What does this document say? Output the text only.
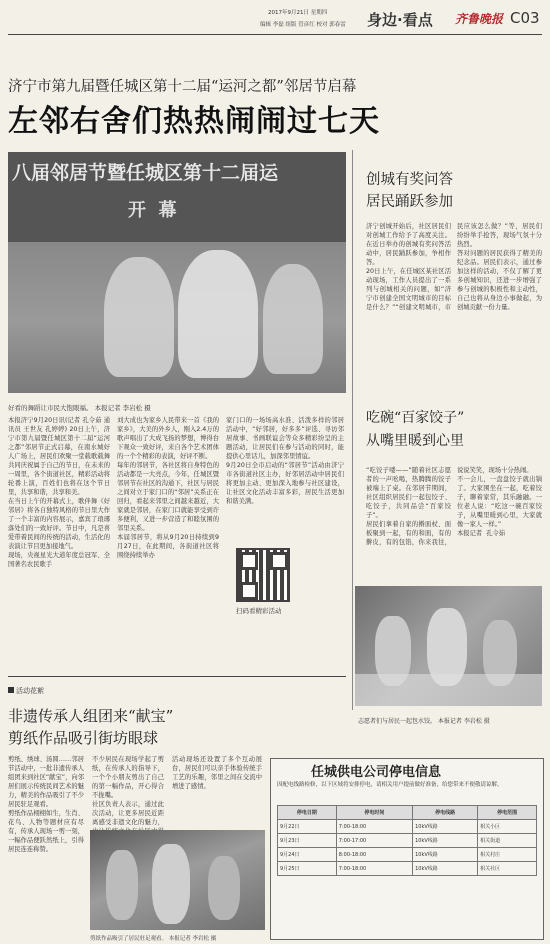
2017年9月21日 星期四
编辑 李磊 组版 管彦红 校对 郭春雷 身边·看点 齐鲁晚报 C03
济宁市第九届暨任城区第十二届“运河之都”邻居节启幕
左邻右舍们热热闹闹过七天
八届邻居节暨任城区第十二届运
开  幕
好看的舞蹈让市民大饱眼福。 本报记者 李岩松 摄
本报济宁9月20日讯(记者 孔令茹 通讯员 王世友 孔婷婷) 20日上午，济宁市第九届暨任城区第十二届“运河之都”邻居节正式启幕，在南水城好人广场上，居民们欢聚一堂载歌载舞共同庆祝属于自己的节日，在未来的一周里，各个街道社区，精彩活动将轮番上演，百姓们也将在这个节日里，共享和谐，共享和美。
在当日上午的开幕式上，歌伴舞《好邻居》将各自独特风格的节日里大作了一个丰富的内容展示，嘉宾了琅琊落处们的一致好评。节日中，凡是喜爱带着民间的传统的活动，生活化的表演让节目更加接地气。
现场，央视星光大道年度总冠军、全国著名农民歌手
刘大成也为家乡人民带来一首《我的家乡》，大美的外乡人，刚入2.4万的歌声唱出了大成飞扬的梦想，博得台下观众一致好评，来自各个艺术团体的一个个精彩的表演，好评不断。
每年的邻居节，各社区将自身特色的活动都是一大亮点，今年，任城区暨邻居节在社区的沟通下，社区与居民之间对立于家门口的“邻居”关系正在回归，看起来邻里之间越来越近，大家就是邻居，在家门口就能享受到许多便利，又进一步营造了和睦氛围的邻里关系。
本届邻居节，将从9月20日持续到9月27日，在此期间，各街道社区将围绕持续举办
家门口的一场场高水准、活泼多样的邻居活动中，“好邻居，好多多”评选、寻访邻居故事、书画联谊会等众多精彩纷呈的主题活动，让居民们在参与活动的同时，能提供心里话儿，加深邻里情谊。
9月20日全市启动的“邻居节”活动由济宁市各街道社区主办，好邻居活动中居民们将更加主动、更加深入地参与社区建设，让社区文化活动丰富多彩，居民生活更加和谐美满。
扫码看精彩活动
创城有奖问答
居民踊跃参加
济宁创城开始后，社区居民们对创城工作给予了高度关注。在近日举办的创城有奖问答活动中，居民踊跃参加，争相作答。
20日上午，在任城区某社区活动现场，工作人员提出了一系列与创城相关的问题，如“济宁市创建全国文明城市的目标是什么？”“创建文明城市，市民应该怎么做？”等，居民们纷纷举手抢答，现场气氛十分热烈。
答对问题的居民获得了精美的纪念品。居民们表示，通过参加这样的活动，不仅了解了更多创城知识，还进一步增强了参与创城的积极性和主动性，自己也将从身边小事做起，为创城贡献一份力量。
吃碗“百家饺子”
从嘴里暖到心里
“吃饺子喽——”随着社区志愿者的一声吆喝，热腾腾的饺子被端上了桌。在邻居节期间，社区组织居民们一起包饺子、吃饺子，共同品尝“百家饺子”。
居民们拿着自家的擀面杖、面板聚到一起，有的和面，有的擀皮，有的包馅，你来我往，说说笑笑，现场十分热闹。
不一会儿，一盘盘饺子就出锅了。大家围坐在一起，吃着饺子，聊着家常，其乐融融。一位老人说：“吃这一碗百家饺子，从嘴里暖到心里，大家就像一家人一样。”
本报记者  孔令茹
志愿者们与居民一起包水饺。 本报记者 李岩松 摄
活动花絮
非遗传承人组团来“献宝”
剪纸作品吸引街坊眼球
剪纸、绣球、汤圆……邻居节活动中，一批非遗传承人组团来到社区“献宝”，向邻居们展示传统民间艺术的魅力，精美的作品吸引了不少居民驻足观看。
剪纸作品栩栩如生，生肖、花鸟、人物等题材应有尽有，传承人现场一剪一刻，一幅作品便跃然纸上，引得居民连连称赞。
不少居民在现场学起了剪纸，在传承人的指导下，一个个小朋友剪出了自己的第一幅作品，开心得合不拢嘴。
社区负责人表示，通过此次活动，让更多居民近距离感受非遗文化的魅力，
活动现场还设置了多个互动展台，居民们可以亲手体验传统手工艺的乐趣，邻里之间在交流中增进了感情。
剪纸作品吸引了居民驻足观看。 本报记者 李岩松 摄
任城供电公司停电信息
因配电线路检修，以下区域将安排停电，请相关用户提前做好准备，给您带来不便敬请谅解。
停电日期	停电时间	停电线路	停电范围
9月22日	7:00-18:00	10kV线路	相关小区
9月23日	7:00-17:00	10kV线路	相关街道
9月24日	8:00-18:00	10kV线路	相关村庄
9月25日	7:00-18:00	10kV线路	相关社区
